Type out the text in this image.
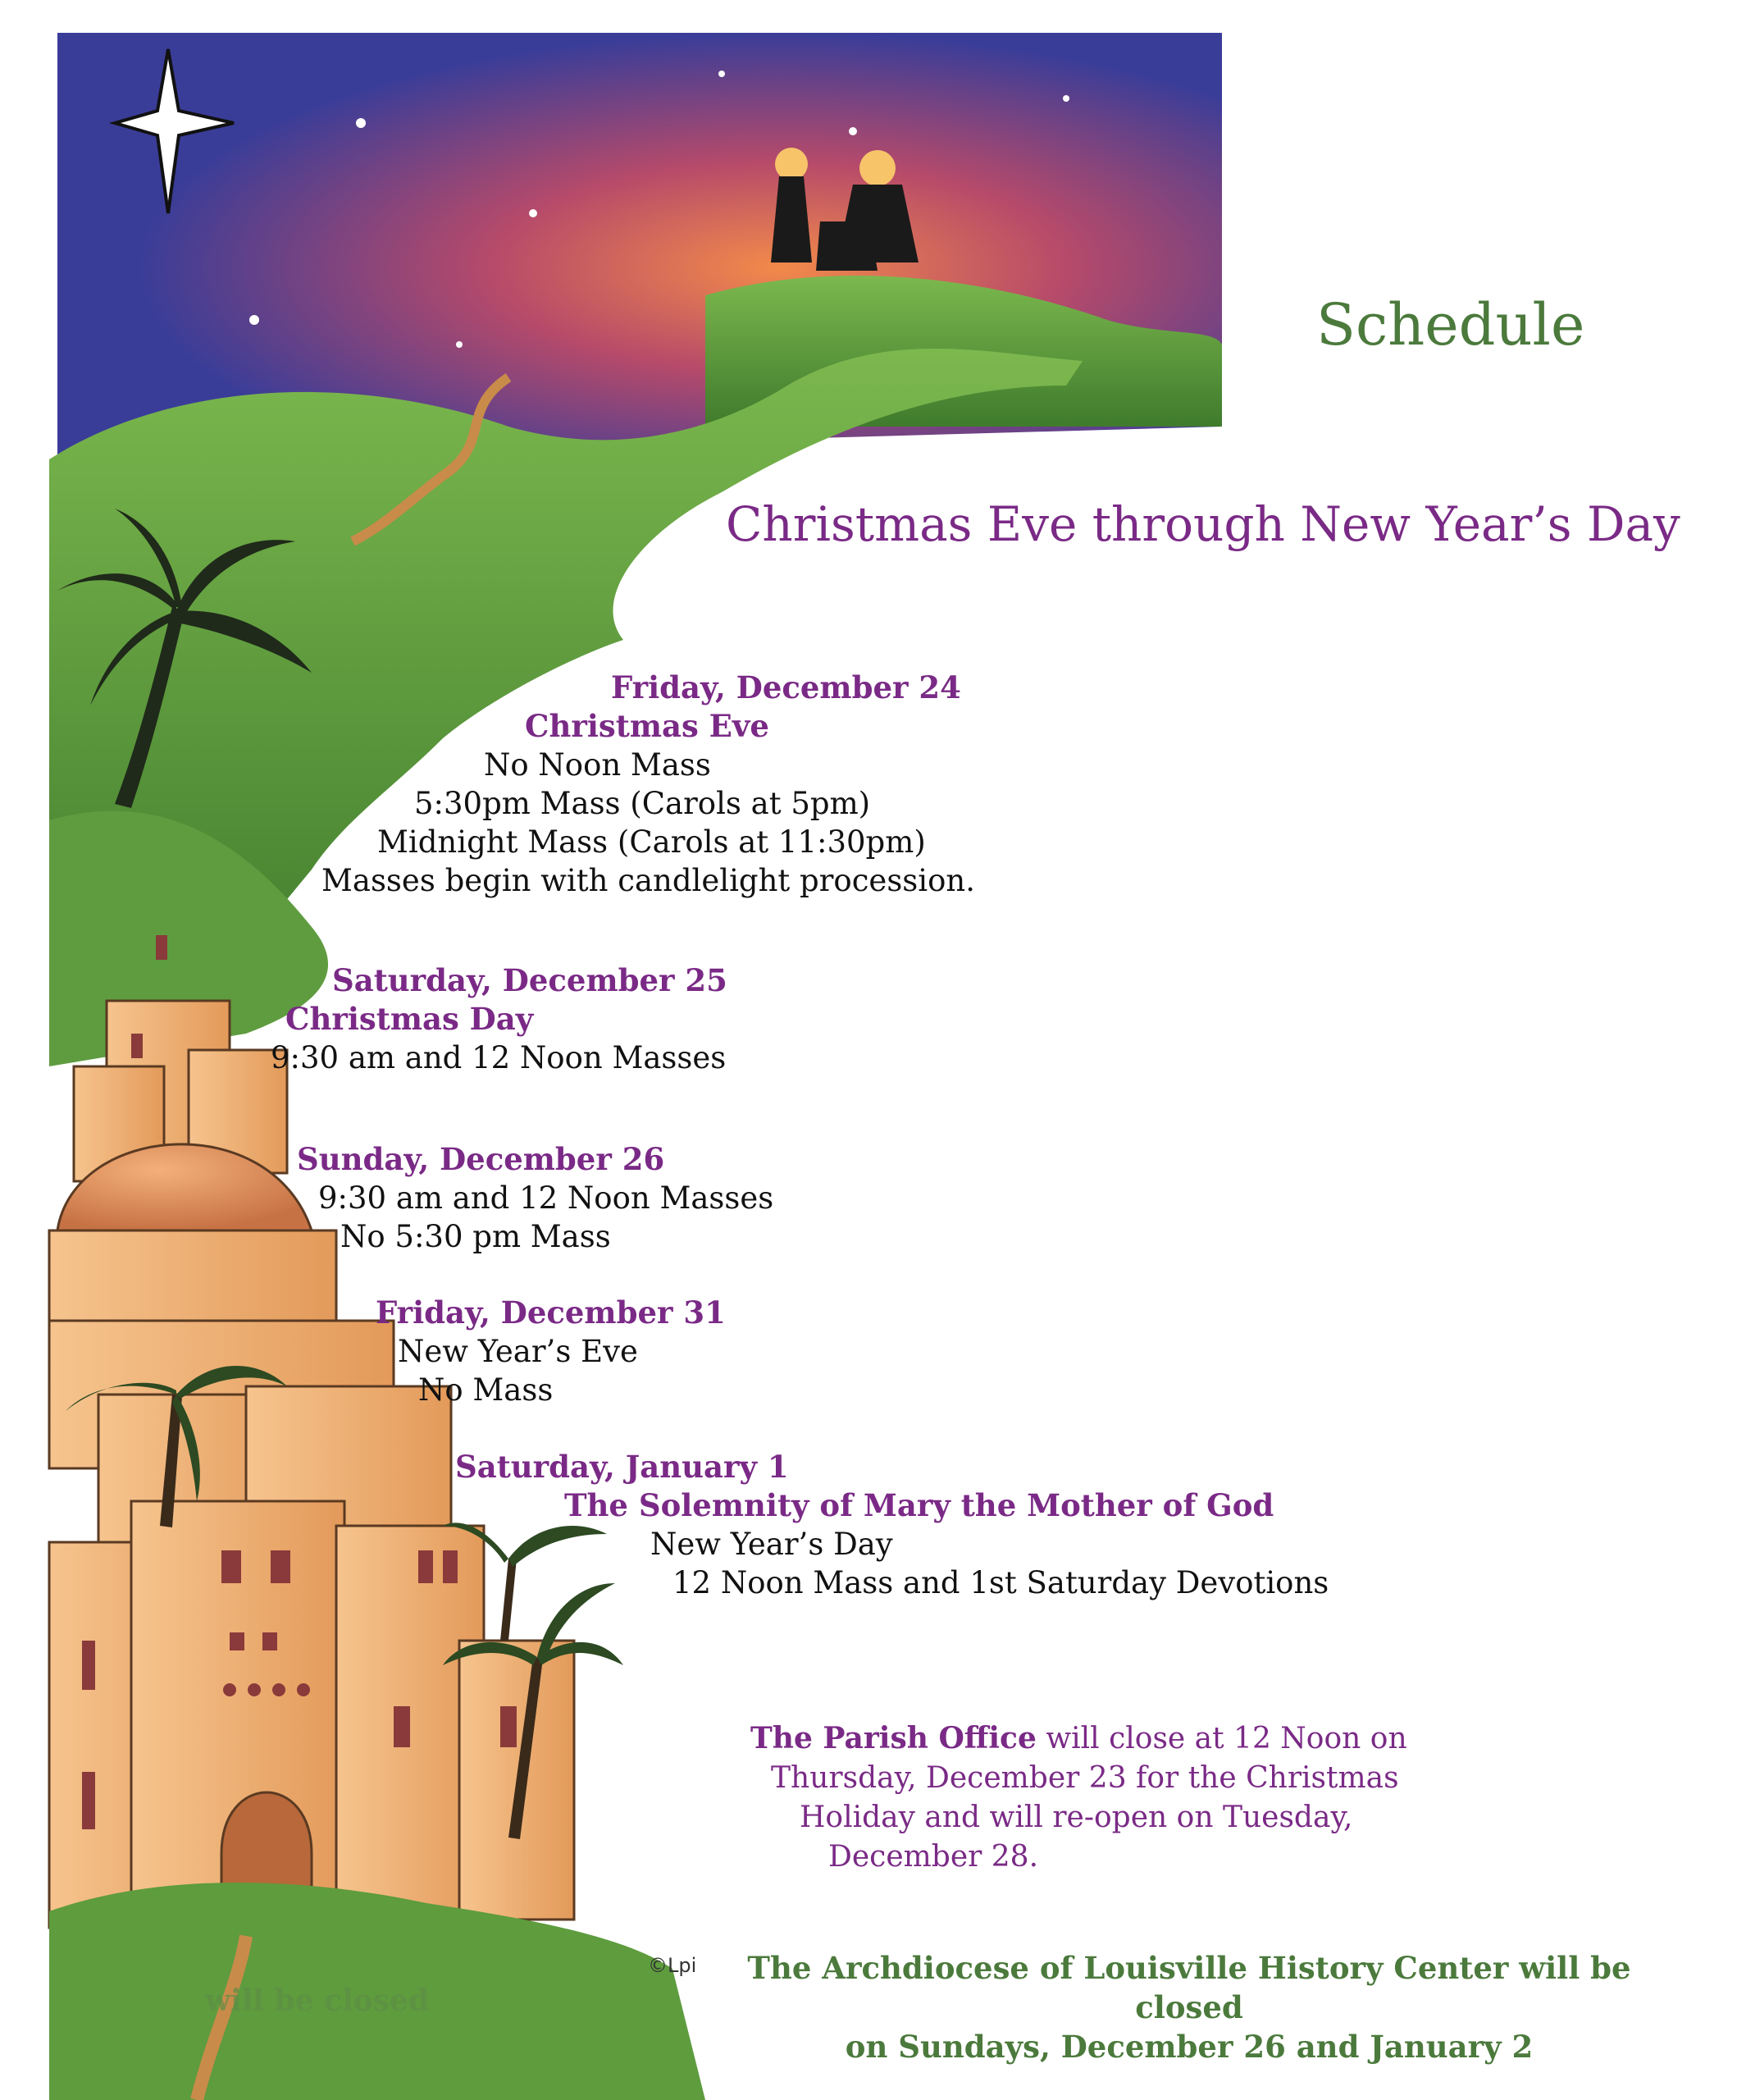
Schedule
Christmas Eve through New Year’s Day
Friday, December 24
Christmas Eve
No Noon Mass
5:30pm Mass (Carols at 5pm)
Midnight Mass (Carols at 11:30pm)
Masses begin with candlelight procession.
Saturday, December 25
Christmas Day
9:30 am and 12 Noon Masses
Sunday, December 26
9:30 am and 12 Noon Masses
No 5:30 pm Mass
Friday, December 31
New Year’s Eve
No Mass
Saturday, January 1
The Solemnity of Mary the Mother of God
New Year’s Day
12 Noon Mass and 1st Saturday Devotions
The Parish Office will close at 12 Noon on
Thursday, December 23 for the Christmas
Holiday and will re-open on Tuesday,
December 28.
The Archdiocese of Louisville History Center will be closed
on Sundays, December 26 and January 2
©Lpi
will be closed
